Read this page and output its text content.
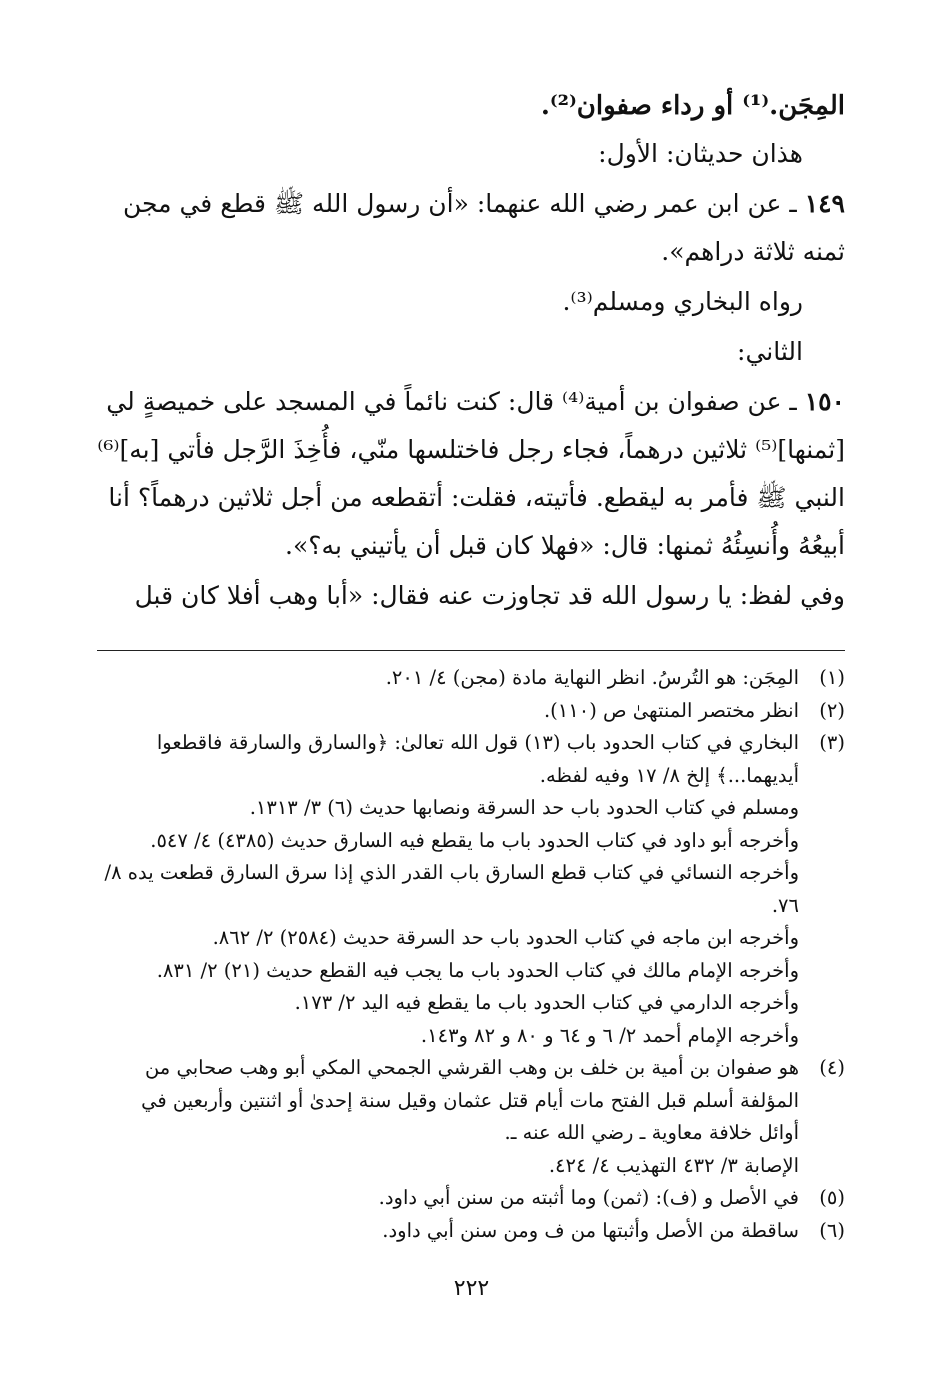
المِجَن.⁽¹⁾ أو رداء صفوان⁽²⁾.

هذان حديثان: الأول:

١٤٩ ـ عن ابن عمر رضي الله عنهما: «أن رسول الله ﷺ قطع في مجن ثمنه ثلاثة دراهم».

رواه البخاري ومسلم⁽³⁾.

الثاني:

١٥٠ ـ عن صفوان بن أمية⁽⁴⁾ قال: كنت نائماً في المسجد على خميصةٍ لي [ثمنها]⁽⁵⁾ ثلاثين درهماً، فجاء رجل فاختلسها منّي، فأُخِذَ الرَّجل فأتي [به]⁽⁶⁾ النبي ﷺ فأمر به ليقطع. فأتيته، فقلت: أتقطعه من أجل ثلاثين درهماً؟ أنا أبيعُهُ وأُنسِئُهُ ثمنها: قال: «فهلا كان قبل أن يأتيني به؟».

وفي لفظ: يا رسول الله قد تجاوزت عنه فقال: «أبا وهب أفلا كان قبل

(١)
المِجَن: هو التُرسُ. انظر النهاية مادة (مجن) ٤/ ٢٠١.
(٢)
انظر مختصر المنتهىٰ ص (١١٠).
(٣)
البخاري في كتاب الحدود باب (١٣) قول الله تعالىٰ: ﴿والسارق والسارقة فاقطعوا أيديهما...﴾ إلخ ٨/ ١٧ وفيه لفظه.
ومسلم في كتاب الحدود باب حد السرقة ونصابها حديث (٦) ٣/ ١٣١٣.
وأخرجه أبو داود في كتاب الحدود باب ما يقطع فيه السارق حديث (٤٣٨٥) ٤/ ٥٤٧.
وأخرجه النسائي في كتاب قطع السارق باب القدر الذي إذا سرق السارق قطعت يده ٨/ ٧٦.
وأخرجه ابن ماجه في كتاب الحدود باب حد السرقة حديث (٢٥٨٤) ٢/ ٨٦٢.
وأخرجه الإمام مالك في كتاب الحدود باب ما يجب فيه القطع حديث (٢١) ٢/ ٨٣١.
وأخرجه الدارمي في كتاب الحدود باب ما يقطع فيه اليد ٢/ ١٧٣.
وأخرجه الإمام أحمد ٢/ ٦ و ٦٤ و ٨٠ و ٨٢ و١٤٣.
(٤)
هو صفوان بن أمية بن خلف بن وهب القرشي الجمحي المكي أبو وهب صحابي من المؤلفة أسلم قبل الفتح مات أيام قتل عثمان وقيل سنة إحدىٰ أو اثنتين وأربعين في أوائل خلافة معاوية ـ رضي الله عنه ـ.
الإصابة ٣/ ٤٣٢ التهذيب ٤/ ٤٢٤.
(٥)
في الأصل و (ف): (ثمن) وما أثبته من سنن أبي داود.
(٦)
ساقطة من الأصل وأثبتها من ف ومن سنن أبي داود.
٢٢٢
